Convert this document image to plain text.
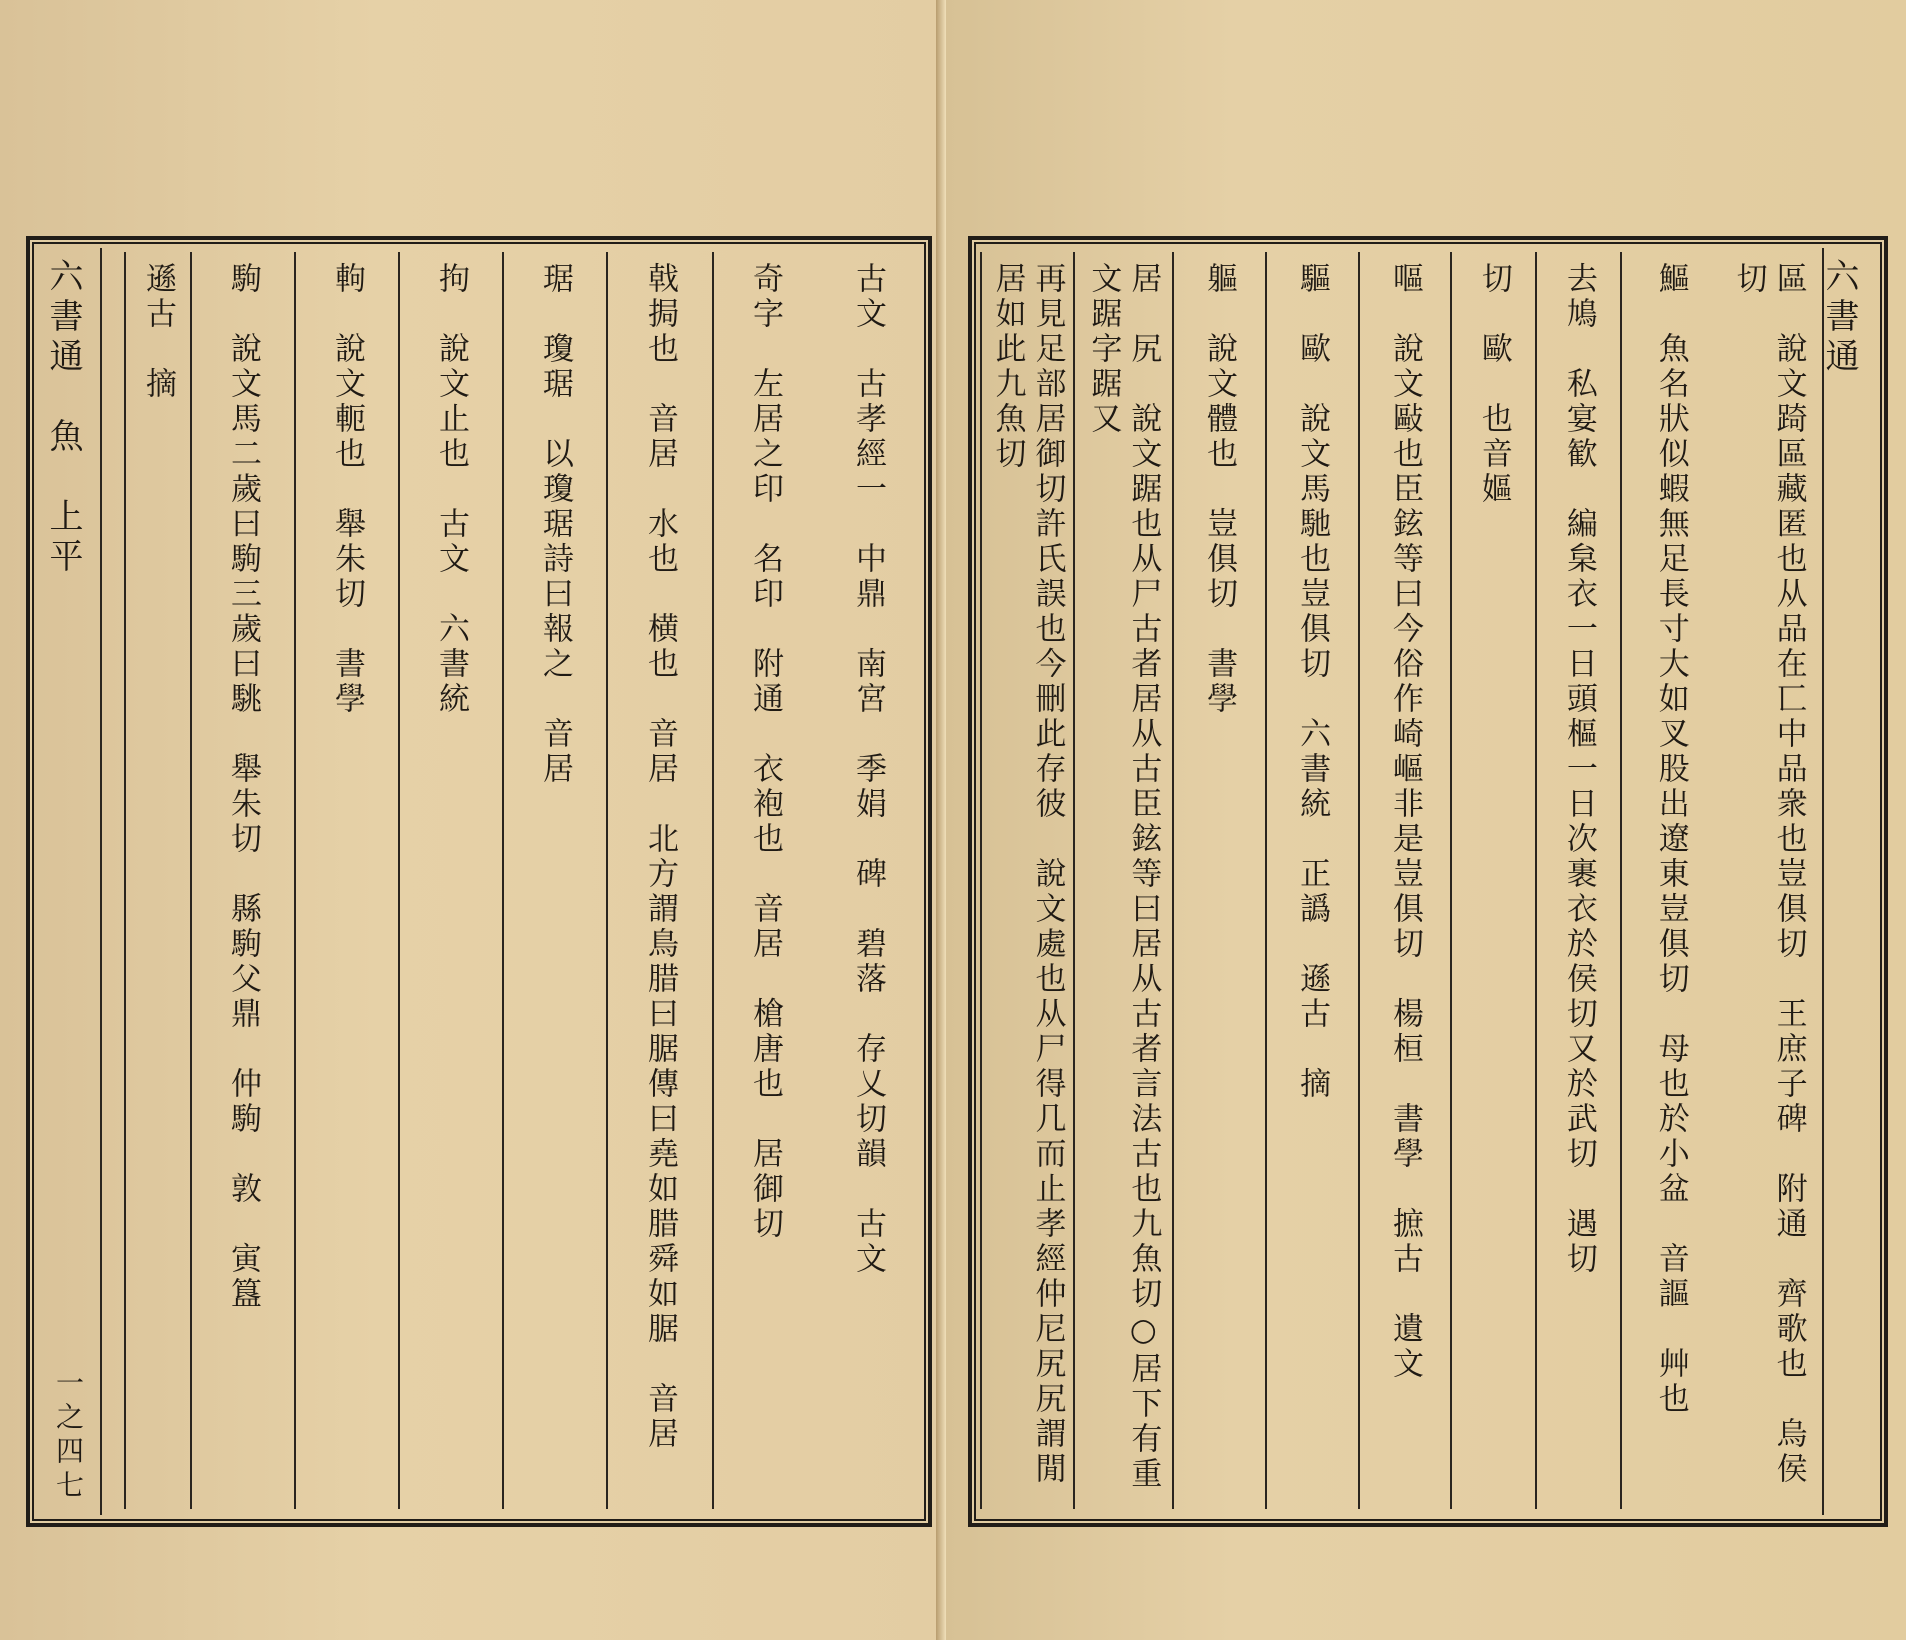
六書通　魚　上平
一之四七
古文　古孝經一　中鼎　南宮　季娟　碑　碧落　存乂切韻　古文
奇字　左居之印　名印　附通　衣袍也　音居　槍唐也　居御切
戟挶也　音居　水也　横也　音居　北方謂鳥腊曰腒傳曰堯如腊舜如腒　音居
琚　瓊琚　以瓊琚詩曰報之　音居
拘　說文止也　古文　六書統
軥　說文軛也　舉朱切　書學
駒　說文馬二歲曰駒三歲曰駣　舉朱切　縣駒父鼎　仲駒　敦　寅簋
遜古　摘	六書通
區　說文踦區藏匿也从品在匸中品衆也豈俱切　王庶子碑　附通　齊歌也　烏侯切
鰸　魚名狀似蝦無足長寸大如叉股出遼東豈俱切　母也於小盆　音謳　艸也
去鳩　私宴歓　編枲衣一日頭樞一日次裹衣於侯切又於武切　遇切
切　歐　也音嫗
嘔　說文敺也臣鉉等曰今俗作崎嶇非是豈俱切　楊桓　書學　摭古　遺文
驅　歐　說文馬馳也豈俱切　六書統　正譌　遜古　摘
軀　說文體也　豈俱切　書學
居　尻　說文踞也从尸古者居从古臣鉉等曰居从古者言法古也九魚切○居下有重文踞字踞又
再見足部居御切許氏誤也今刪此存彼　說文處也从尸得几而止孝經仲尼尻尻謂閒居如此九魚切
